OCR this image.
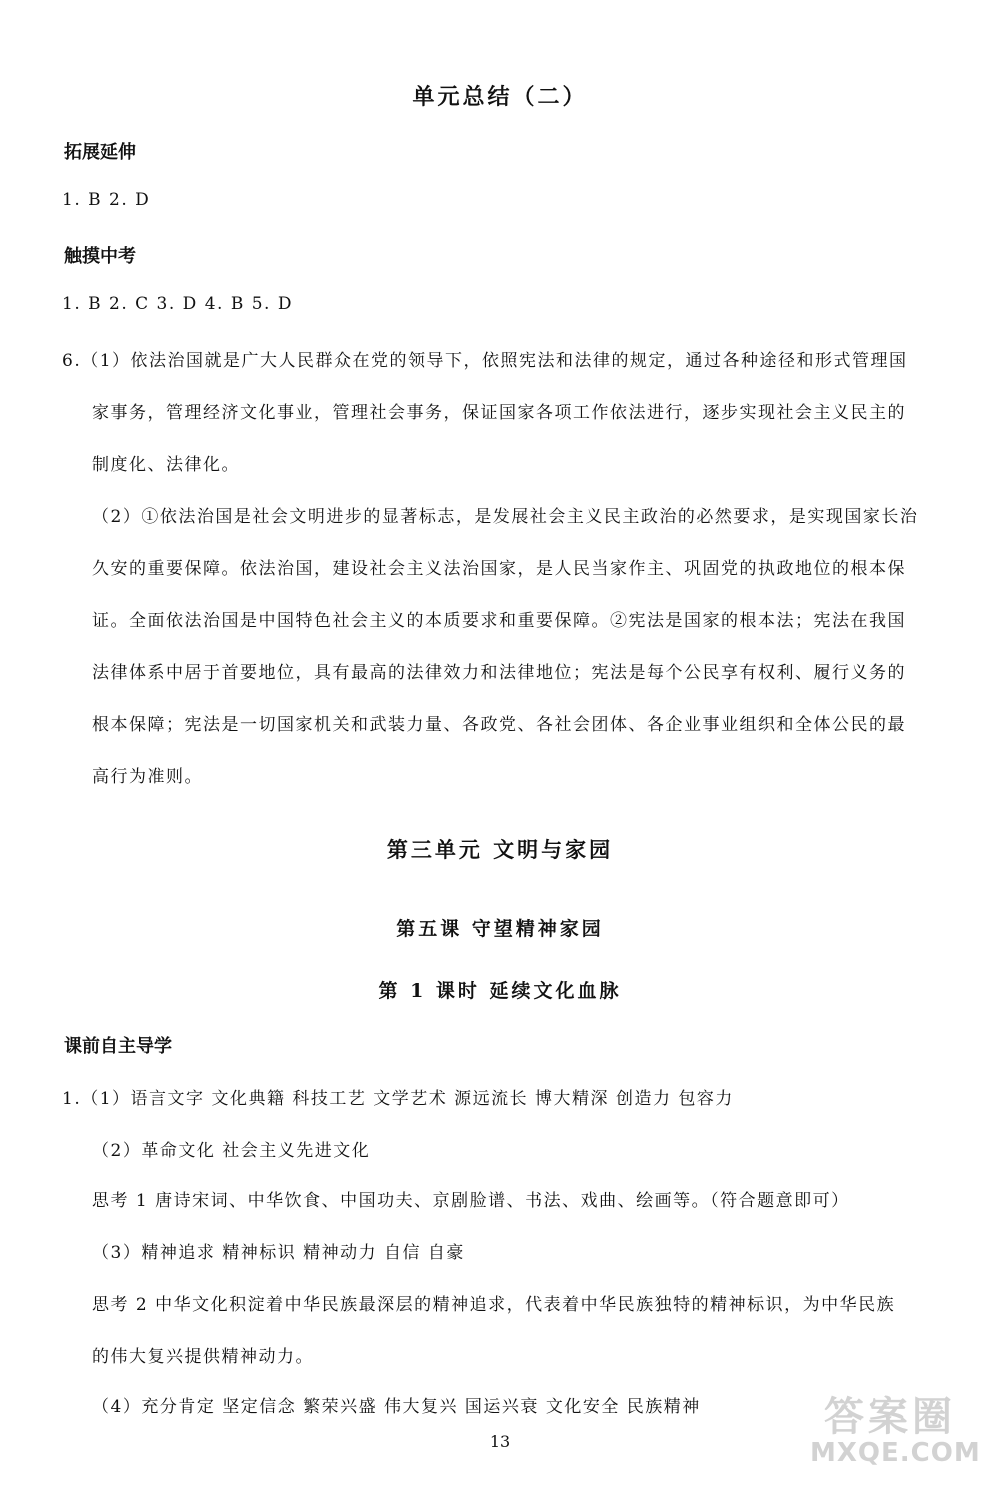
单元总结（二）
拓展延伸
1. B 2. D
触摸中考
1. B 2. C 3. D 4. B 5. D
6.（1）依法治国就是广大人民群众在党的领导下，依照宪法和法律的规定，通过各种途径和形式管理国
家事务，管理经济文化事业，管理社会事务，保证国家各项工作依法进行，逐步实现社会主义民主的
制度化、法律化。
（2）①依法治国是社会文明进步的显著标志，是发展社会主义民主政治的必然要求，是实现国家长治
久安的重要保障。依法治国，建设社会主义法治国家，是人民当家作主、巩固党的执政地位的根本保
证。全面依法治国是中国特色社会主义的本质要求和重要保障。②宪法是国家的根本法；宪法在我国
法律体系中居于首要地位，具有最高的法律效力和法律地位；宪法是每个公民享有权利、履行义务的
根本保障；宪法是一切国家机关和武装力量、各政党、各社会团体、各企业事业组织和全体公民的最
高行为准则。
第三单元 文明与家园
第五课 守望精神家园
第 1 课时 延续文化血脉
课前自主导学
1.（1）语言文字 文化典籍 科技工艺 文学艺术 源远流长 博大精深 创造力 包容力
（2）革命文化 社会主义先进文化
思考 1 唐诗宋词、中华饮食、中国功夫、京剧脸谱、书法、戏曲、绘画等。（符合题意即可）
（3）精神追求 精神标识 精神动力 自信 自豪
思考 2 中华文化积淀着中华民族最深层的精神追求，代表着中华民族独特的精神标识，为中华民族
的伟大复兴提供精神动力。
（4）充分肯定 坚定信念 繁荣兴盛 伟大复兴 国运兴衰 文化安全 民族精神
13
答案圈
MXQE.COM
